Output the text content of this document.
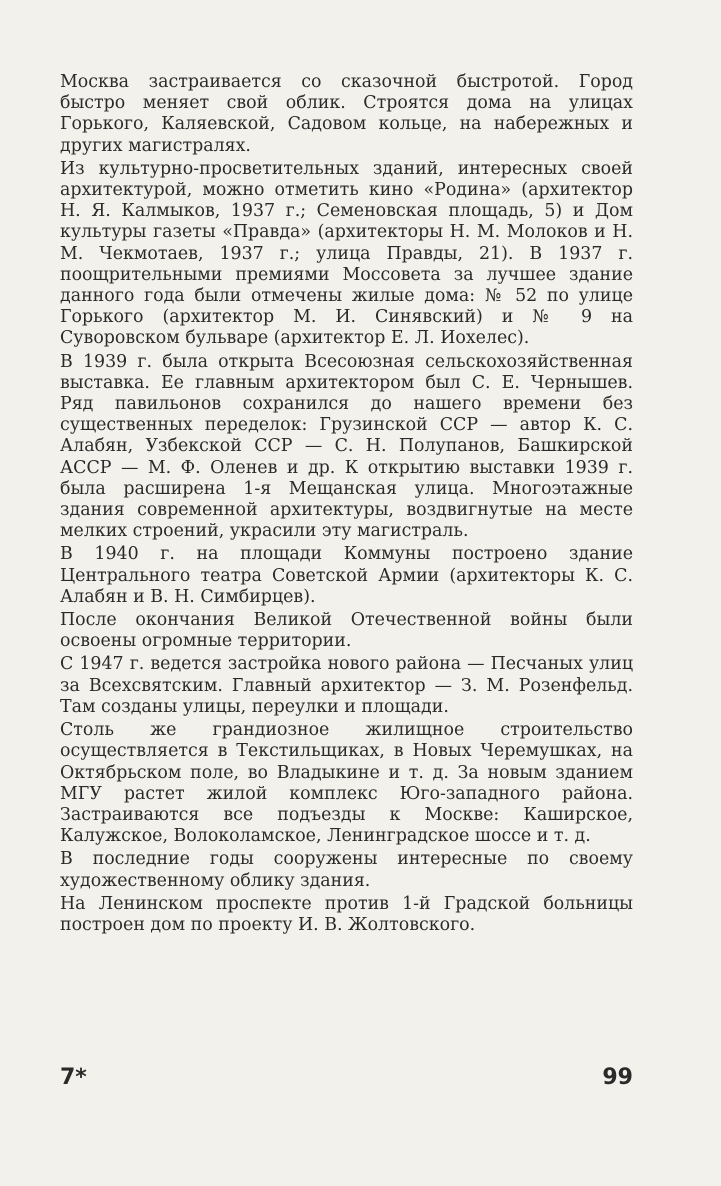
Москва застраивается со сказочной быстротой. Город быстро меняет свой облик. Строятся дома на улицах Горького, Каляевской, Садовом кольце, на набережных и других магистралях.

Из культурно-просветительных зданий, интересных своей архитектурой, можно отметить кино «Родина» (архитектор Н. Я. Калмыков, 1937 г.; Семеновская площадь, 5) и Дом культуры газеты «Правда» (архитекторы Н. М. Молоков и Н. М. Чекмотаев, 1937 г.; улица Правды, 21). В 1937 г. поощрительными премиями Моссовета за лучшее здание данного года были отмечены жилые дома: № 52 по улице Горького (архитектор М. И. Синявский) и № 9 на Суворовском бульваре (архитектор Е. Л. Иохелес).

В 1939 г. была открыта Всесоюзная сельскохозяйственная выставка. Ее главным архитектором был С. Е. Чернышев. Ряд павильонов сохранился до нашего времени без существенных переделок: Грузинской ССР — автор К. С. Алабян, Узбекской ССР — С. Н. Полупанов, Башкирской АССР — М. Ф. Оленев и др. К открытию выставки 1939 г. была расширена 1-я Мещанская улица. Многоэтажные здания современной архитектуры, воздвигнутые на месте мелких строений, украсили эту магистраль.

В 1940 г. на площади Коммуны построено здание Центрального театра Советской Армии (архитекторы К. С. Алабян и В. Н. Симбирцев).

После окончания Великой Отечественной войны были освоены огромные территории.

С 1947 г. ведется застройка нового района — Песчаных улиц за Всехсвятским. Главный архитектор — З. М. Розенфельд. Там созданы улицы, переулки и площади.

Столь же грандиозное жилищное строительство осуществляется в Текстильщиках, в Новых Черемушках, на Октябрьском поле, во Владыкине и т. д. За новым зданием МГУ растет жилой комплекс Юго-западного района. Застраиваются все подъезды к Москве: Каширское, Калужское, Волоколамское, Ленинградское шоссе и т. д.

В последние годы сооружены интересные по своему художественному облику здания.

На Ленинском проспекте против 1-й Градской больницы построен дом по проекту И. В. Жолтовского.

7*	99
